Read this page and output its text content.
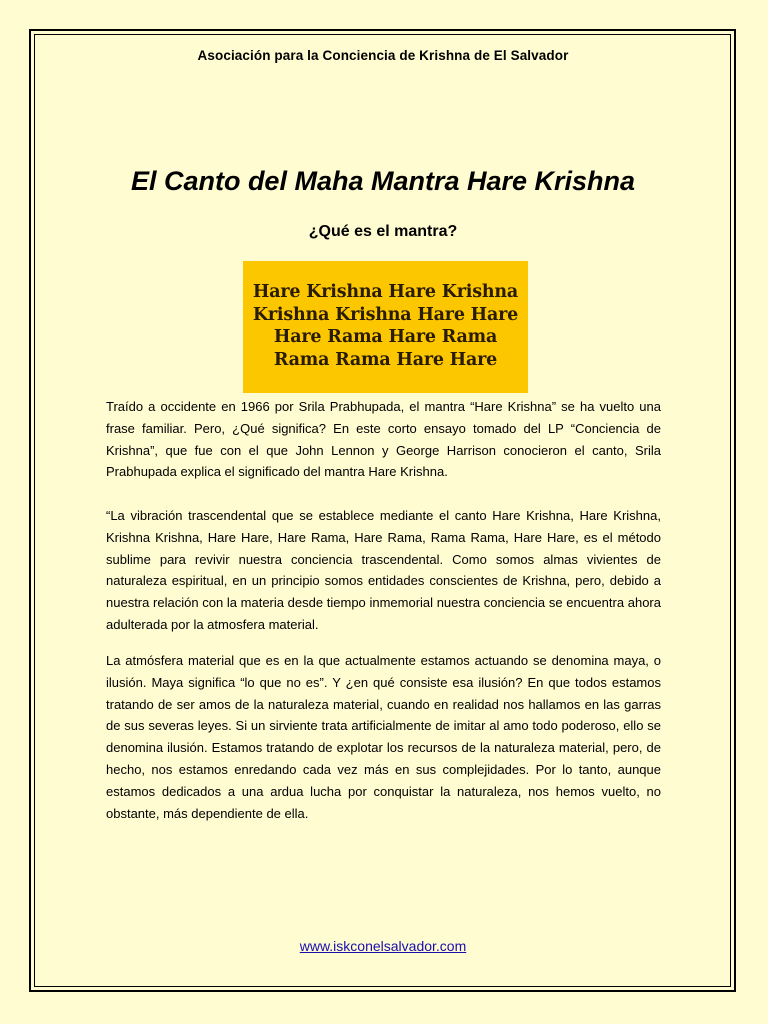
Asociación para la Conciencia de Krishna de El Salvador
El Canto del Maha Mantra Hare Krishna
¿Qué es el mantra?
Hare Krishna Hare Krishna
Krishna Krishna Hare Hare
Hare Rama Hare Rama
Rama Rama Hare Hare

Traído a occidente en 1966 por Srila Prabhupada, el mantra “Hare Krishna” se ha vuelto una frase familiar. Pero, ¿Qué significa? En este corto ensayo tomado del LP “Conciencia de Krishna”, que fue con el que John Lennon y George Harrison conocieron el canto, Srila Prabhupada explica el significado del mantra Hare Krishna.

“La vibración trascendental que se establece mediante el canto Hare Krishna, Hare Krishna, Krishna Krishna, Hare Hare, Hare Rama, Hare Rama, Rama Rama, Hare Hare, es el método sublime para revivir nuestra conciencia trascendental. Como somos almas vivientes de naturaleza espiritual, en un principio somos entidades conscientes de Krishna, pero, debido a nuestra relación con la materia desde tiempo inmemorial nuestra conciencia se encuentra ahora adulterada por la atmosfera material.

La atmósfera material que es en la que actualmente estamos actuando se denomina maya, o ilusión. Maya significa “lo que no es”. Y ¿en qué consiste esa ilusión? En que todos estamos tratando de ser amos de la naturaleza material, cuando en realidad nos hallamos en las garras de sus severas leyes. Si un sirviente trata artificialmente de imitar al amo todo poderoso, ello se denomina ilusión. Estamos tratando de explotar los recursos de la naturaleza material, pero, de hecho, nos estamos enredando cada vez más en sus complejidades. Por lo tanto, aunque estamos dedicados a una ardua lucha por conquistar la naturaleza, nos hemos vuelto, no obstante, más dependiente de ella.

www.iskconelsalvador.com
